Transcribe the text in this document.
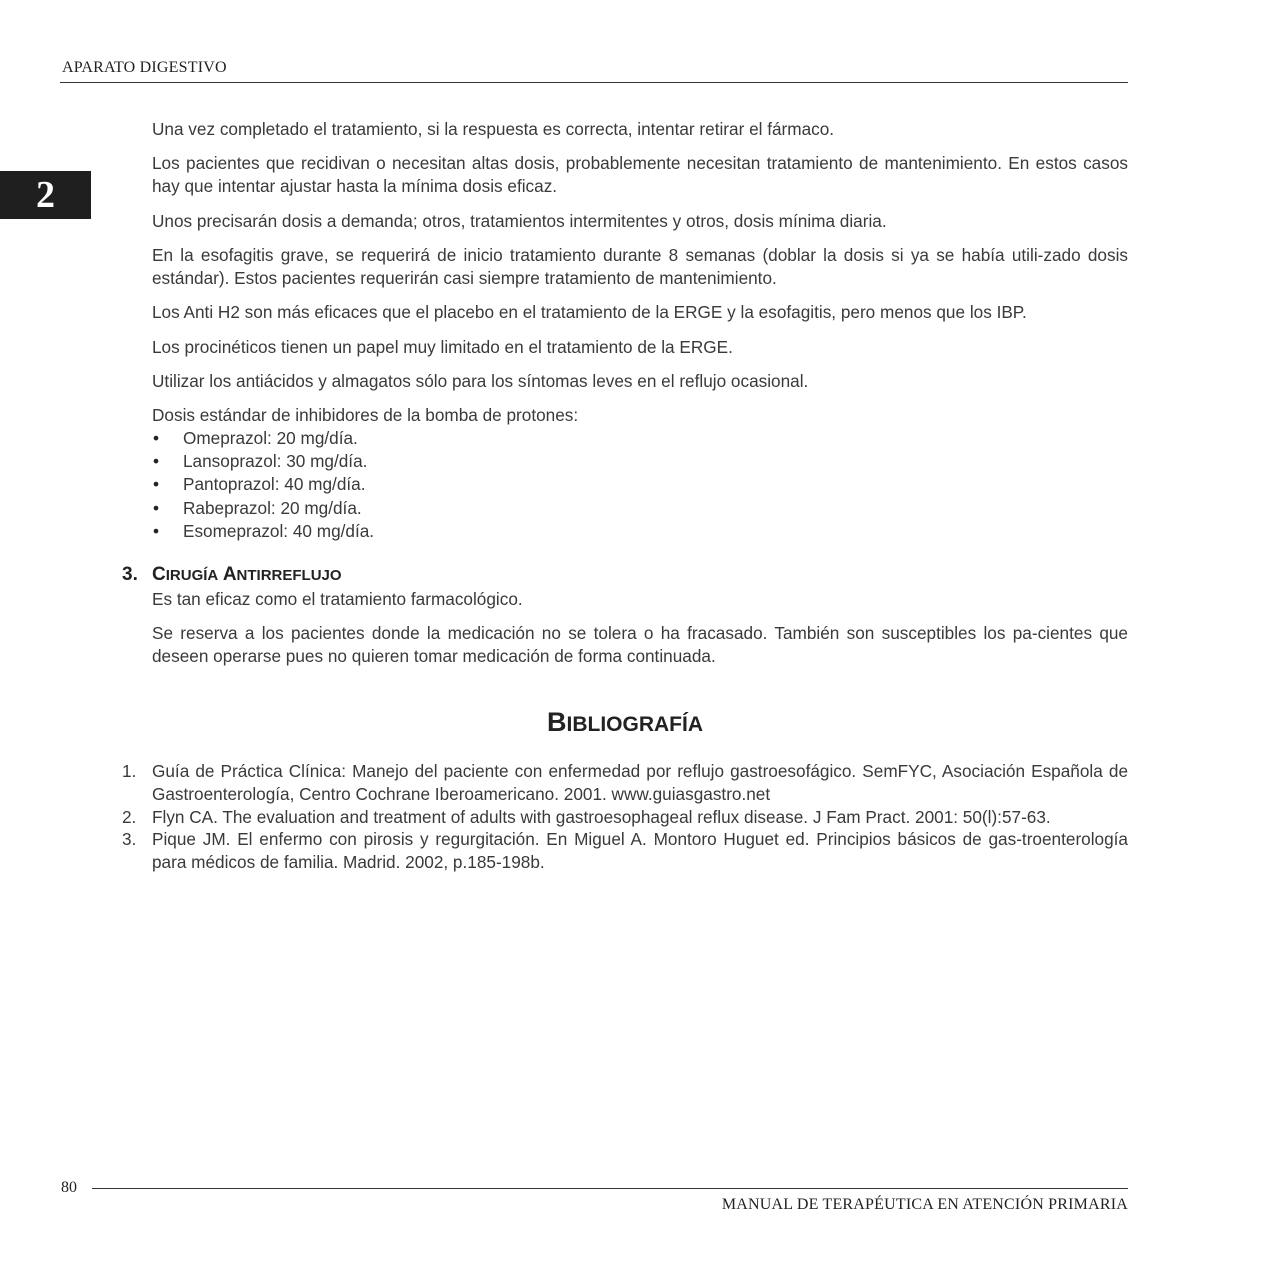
APARATO DIGESTIVO
2

Una vez completado el tratamiento, si la respuesta es correcta, intentar retirar el fármaco.

Los pacientes que recidivan o necesitan altas dosis, probablemente necesitan tratamiento de mantenimiento. En estos casos hay que intentar ajustar hasta la mínima dosis eficaz.

Unos precisarán dosis a demanda; otros, tratamientos intermitentes y otros, dosis mínima diaria.

En la esofagitis grave, se requerirá de inicio tratamiento durante 8 semanas (doblar la dosis si ya se había utili-zado dosis estándar). Estos pacientes requerirán casi siempre tratamiento de mantenimiento.

Los Anti H2 son más eficaces que el placebo en el tratamiento de la ERGE y la esofagitis, pero menos que los IBP.

Los procinéticos tienen un papel muy limitado en el tratamiento de la ERGE.

Utilizar los antiácidos y almagatos sólo para los síntomas leves en el reflujo ocasional.

Dosis estándar de inhibidores de la bomba de protones:

• Omeprazol: 20 mg/día.
• Lansoprazol: 30 mg/día.
• Pantoprazol: 40 mg/día.
• Rabeprazol: 20 mg/día.
• Esomeprazol: 40 mg/día.
3. CIRUGÍA ANTIRREFLUJO

Es tan eficaz como el tratamiento farmacológico.

Se reserva a los pacientes donde la medicación no se tolera o ha fracasado. También son susceptibles los pa-cientes que deseen operarse pues no quieren tomar medicación de forma continuada.

BIBLIOGRAFÍA
1. Guía de Práctica Clínica: Manejo del paciente con enfermedad por reflujo gastroesofágico. SemFYC, Asociación Española de Gastroenterología, Centro Cochrane Iberoamericano. 2001. www.guiasgastro.net
2. Flyn CA. The evaluation and treatment of adults with gastroesophageal reflux disease. J Fam Pract. 2001: 50(l):57-63.
3. Pique JM. El enfermo con pirosis y regurgitación. En Miguel A. Montoro Huguet ed. Principios básicos de gas-troenterología para médicos de familia. Madrid. 2002, p.185-198b.
80
MANUAL DE TERAPÉUTICA EN ATENCIÓN PRIMARIA
